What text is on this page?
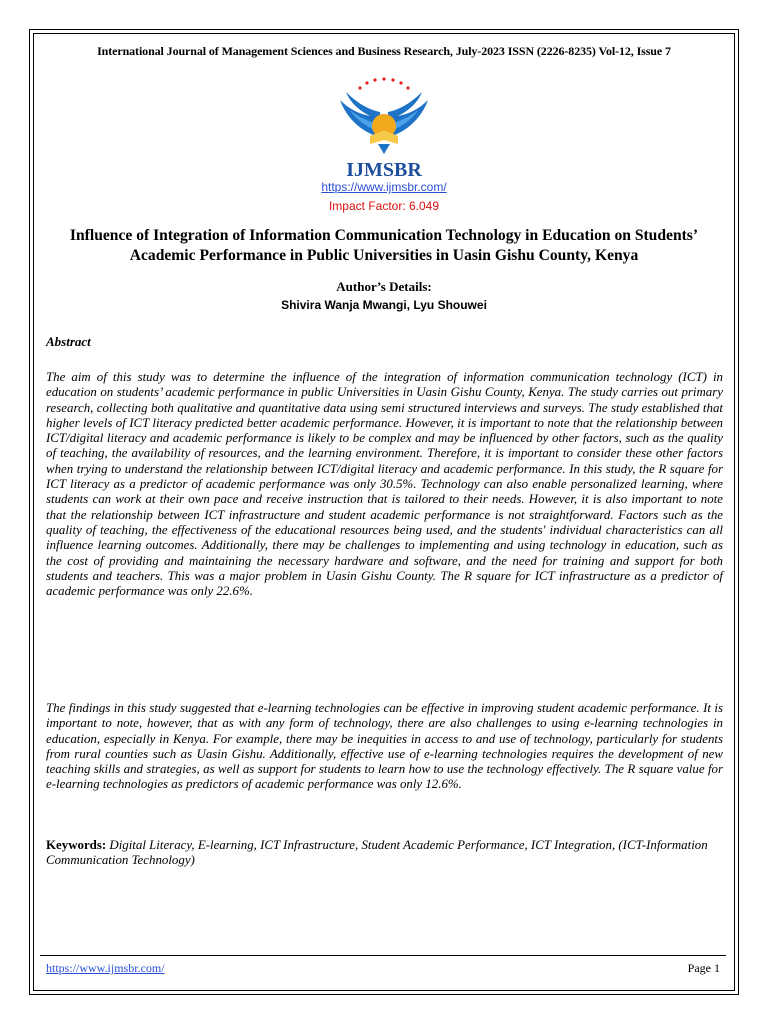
International Journal of Management Sciences and Business Research, July-2023 ISSN (2226-8235) Vol-12, Issue 7
IJMSBR
https://www.ijmsbr.com/
Impact Factor: 6.049
Influence of Integration of Information Communication Technology in Education on Students’ Academic Performance in Public Universities in Uasin Gishu County, Kenya
Author’s Details:
Shivira Wanja Mwangi, Lyu Shouwei
Abstract
The aim of this study was to determine the influence of the integration of information communication technology (ICT) in education on students’ academic performance in public Universities in Uasin Gishu County, Kenya. The study carries out primary research, collecting both qualitative and quantitative data using semi structured interviews and surveys. The study established that higher levels of ICT literacy predicted better academic performance. However, it is important to note that the relationship between ICT/digital literacy and academic performance is likely to be complex and may be influenced by other factors, such as the quality of teaching, the availability of resources, and the learning environment. Therefore, it is important to consider these other factors when trying to understand the relationship between ICT/digital literacy and academic performance. In this study, the R square for ICT literacy as a predictor of academic performance was only 30.5%. Technology can also enable personalized learning, where students can work at their own pace and receive instruction that is tailored to their needs. However, it is also important to note that the relationship between ICT infrastructure and student academic performance is not straightforward. Factors such as the quality of teaching, the effectiveness of the educational resources being used, and the students' individual characteristics can all influence learning outcomes. Additionally, there may be challenges to implementing and using technology in education, such as the cost of providing and maintaining the necessary hardware and software, and the need for training and support for both students and teachers. This was a major problem in Uasin Gishu County. The R square for ICT infrastructure as a predictor of academic performance was only 22.6%.
The findings in this study suggested that e-learning technologies can be effective in improving student academic performance. It is important to note, however, that as with any form of technology, there are also challenges to using e-learning technologies in education, especially in Kenya. For example, there may be inequities in access to and use of technology, particularly for students from rural counties such as Uasin Gishu. Additionally, effective use of e-learning technologies requires the development of new teaching skills and strategies, as well as support for students to learn how to use the technology effectively. The R square value for e-learning technologies as predictors of academic performance was only 12.6%.
Keywords: Digital Literacy, E-learning, ICT Infrastructure, Student Academic Performance, ICT Integration, (ICT-Information Communication Technology)
https://www.ijmsbr.com/	Page 1
